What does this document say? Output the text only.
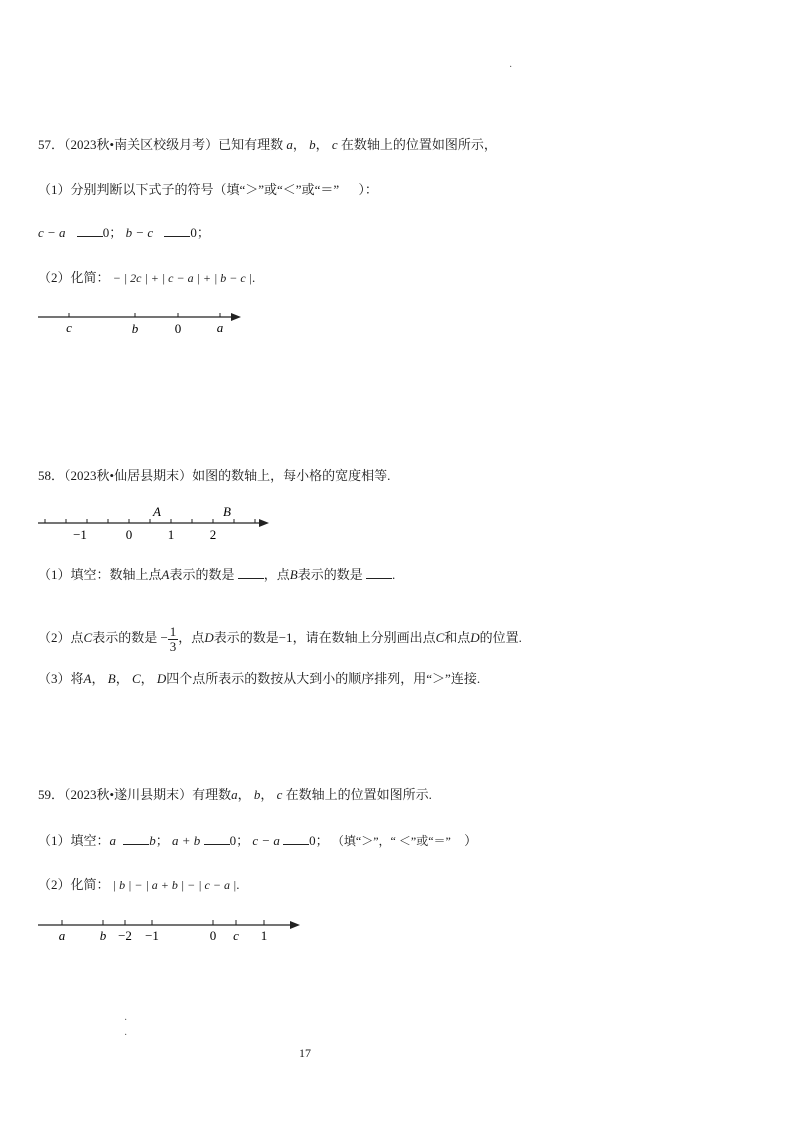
·
·
·
57．（2023秋•南关区校级月考）已知有理数 a， b， c 在数轴上的位置如图所示，
（1）分别判断以下式子的符号（填“＞”或“＜”或“＝” ）：
c − a	0； b − c	0；
（2）化简： − | 2c | + | c − a | + | b − c |.
c	b	0	a
58．（2023秋•仙居县期末）如图的数轴上，每小格的宽度相等.
A	B
−1	0	1	2
（1）填空：数轴上点A表示的数是 ，点B表示的数是 .
（2）点C表示的数是 − $\frac{1}{3}$ ，点D表示的数是−1，请在数轴上分别画出点C和点D的位置.
（3）将A， B， C， D四个点所表示的数按从大到小的顺序排列，用“＞”连接.
59．（2023秋•遂川县期末）有理数a， b， c 在数轴上的位置如图所示.
（1）填空：a	b； a + b 0； c − a 0； （填“＞”，“ ＜”或“＝” ）
（2）化简： | b | − | a + b | − | c − a |.
a	b −2 −1	0 c 1
17
